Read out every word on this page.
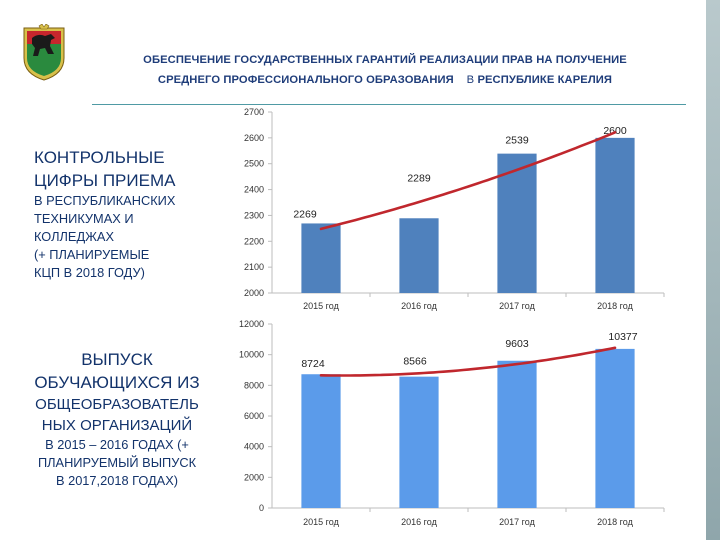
ОБЕСПЕЧЕНИЕ ГОСУДАРСТВЕННЫХ ГАРАНТИЙ РЕАЛИЗАЦИИ ПРАВ НА ПОЛУЧЕНИЕ
СРЕДНЕГО ПРОФЕССИОНАЛЬНОГО ОБРАЗОВАНИЯ В РЕСПУБЛИКЕ КАРЕЛИЯ
КОНТРОЛЬНЫЕ
ЦИФРЫ ПРИЕМА
В РЕСПУБЛИКАНСКИХ
ТЕХНИКУМАХ И
КОЛЛЕДЖАХ
(+ ПЛАНИРУЕМЫЕ
КЦП В 2018 ГОДУ)
ВЫПУСК
ОБУЧАЮЩИХСЯ ИЗ
ОБЩЕОБРАЗОВАТЕЛЬ
НЫХ ОРГАНИЗАЦИЙ
В 2015 – 2016 ГОДАХ (+
ПЛАНИРУЕМЫЙ ВЫПУСК
В 2017,2018 ГОДАХ)
2000
2100
2200
2300
2400
2500
2600
2700
2015 год	2016 год	2017 год	2018 год
2269
2289
2539
2600
0
2000
4000
6000
8000
10000
12000
2015 год	2016 год	2017 год	2018 год
8724	8566
9603
10377
